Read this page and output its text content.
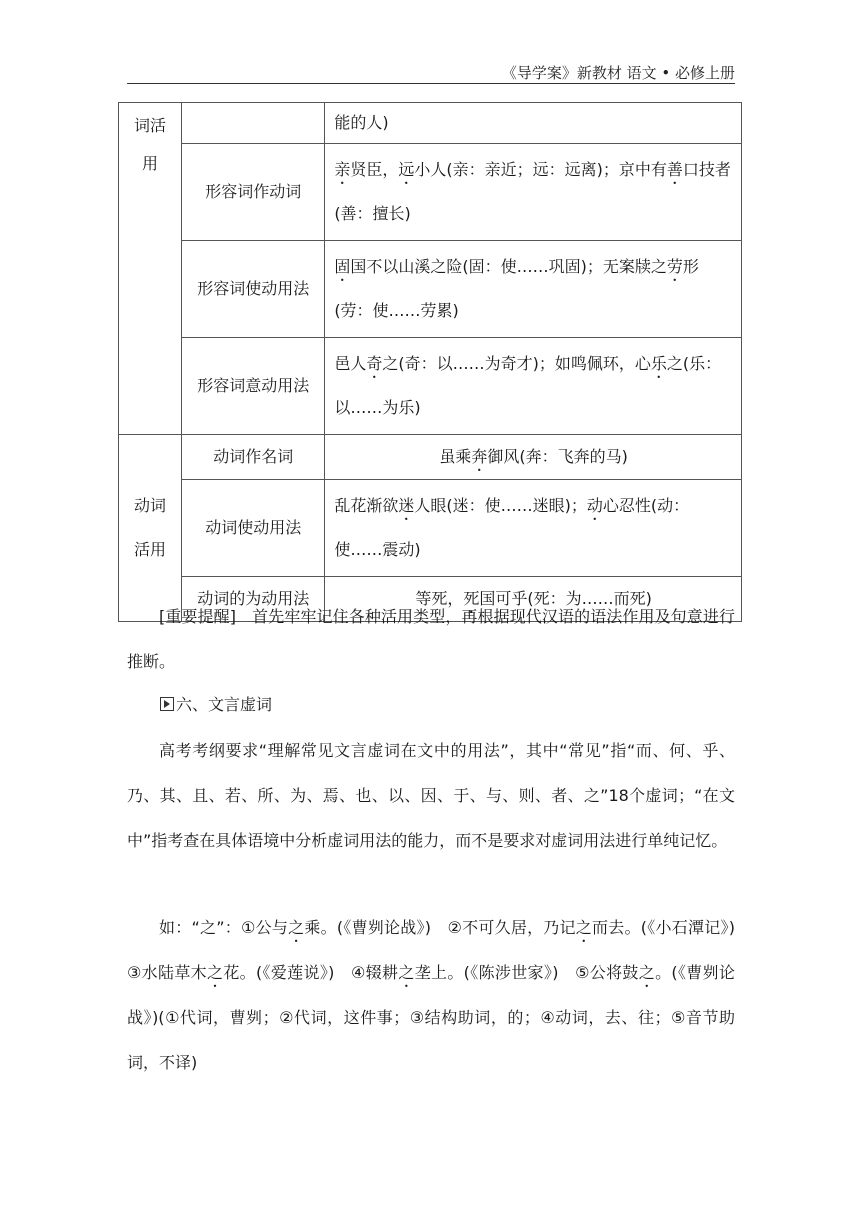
《导学案》新教材 语文 • 必修上册
词活
用		能的人)
	形容词作动词	亲贤臣，远小人(亲：亲近；远：远离)；京中有善口技者(善：擅长)
	形容词使动用法	固国不以山溪之险(固：使……巩固)；无案牍之劳形(劳：使……劳累)
	形容词意动用法	邑人奇之(奇：以……为奇才)；如鸣佩环，心乐之(乐：以……为乐)
动词
活用	动词作名词	虽乘奔御风(奔：飞奔的马)
	动词使动用法	乱花渐欲迷人眼(迷：使……迷眼)；动心忍性(动：使……震动)
	动词的为动用法	等死，死国可乎(死：为……而死)

[重要提醒]　 首先牢牢记住各种活用类型，再根据现代汉语的语法作用及句意进行推断。

六、文言虚词

高考考纲要求“理解常见文言虚词在文中的用法”，其中“常见”指“而、何、乎、乃、其、且、若、所、为、焉、也、以、因、于、与、则、者、之”18个虚词；“在文中”指考查在具体语境中分析虚词用法的能力，而不是要求对虚词用法进行单纯记忆。

如：“之”：①公与之乘。(《曹刿论战》)　②不可久居，乃记之而去。(《小石潭记》)　③水陆草木之花。(《爱莲说》)　④辍耕之垄上。(《陈涉世家》)　⑤公将鼓之。(《曹刿论战》)(①代词，曹刿；②代词，这件事；③结构助词，的；④动词，去、往；⑤音节助词，不译)
